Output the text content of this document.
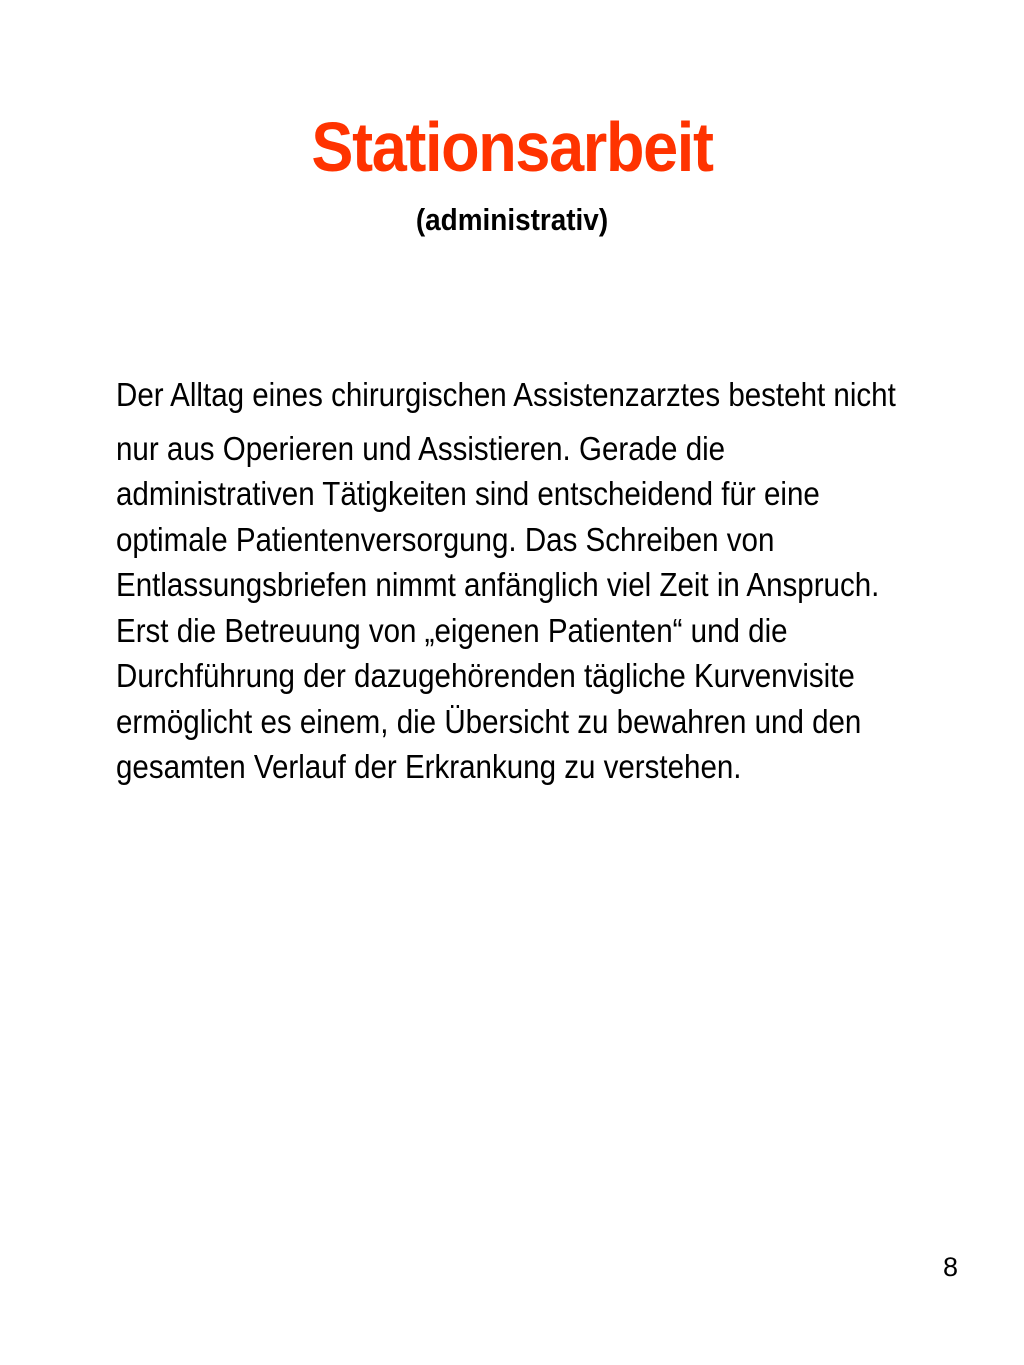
Stationsarbeit
(administrativ)

Der Alltag eines chirurgischen Assistenzarztes besteht nicht
nur aus Operieren und Assistieren. Gerade die
administrativen Tätigkeiten sind entscheidend für eine
optimale Patientenversorgung. Das Schreiben von
Entlassungsbriefen nimmt anfänglich viel Zeit in Anspruch.
Erst die Betreuung von „eigenen Patienten“ und die
Durchführung der dazugehörenden tägliche Kurvenvisite
ermöglicht es einem, die Übersicht zu bewahren und den
gesamten Verlauf der Erkrankung zu verstehen.

8
